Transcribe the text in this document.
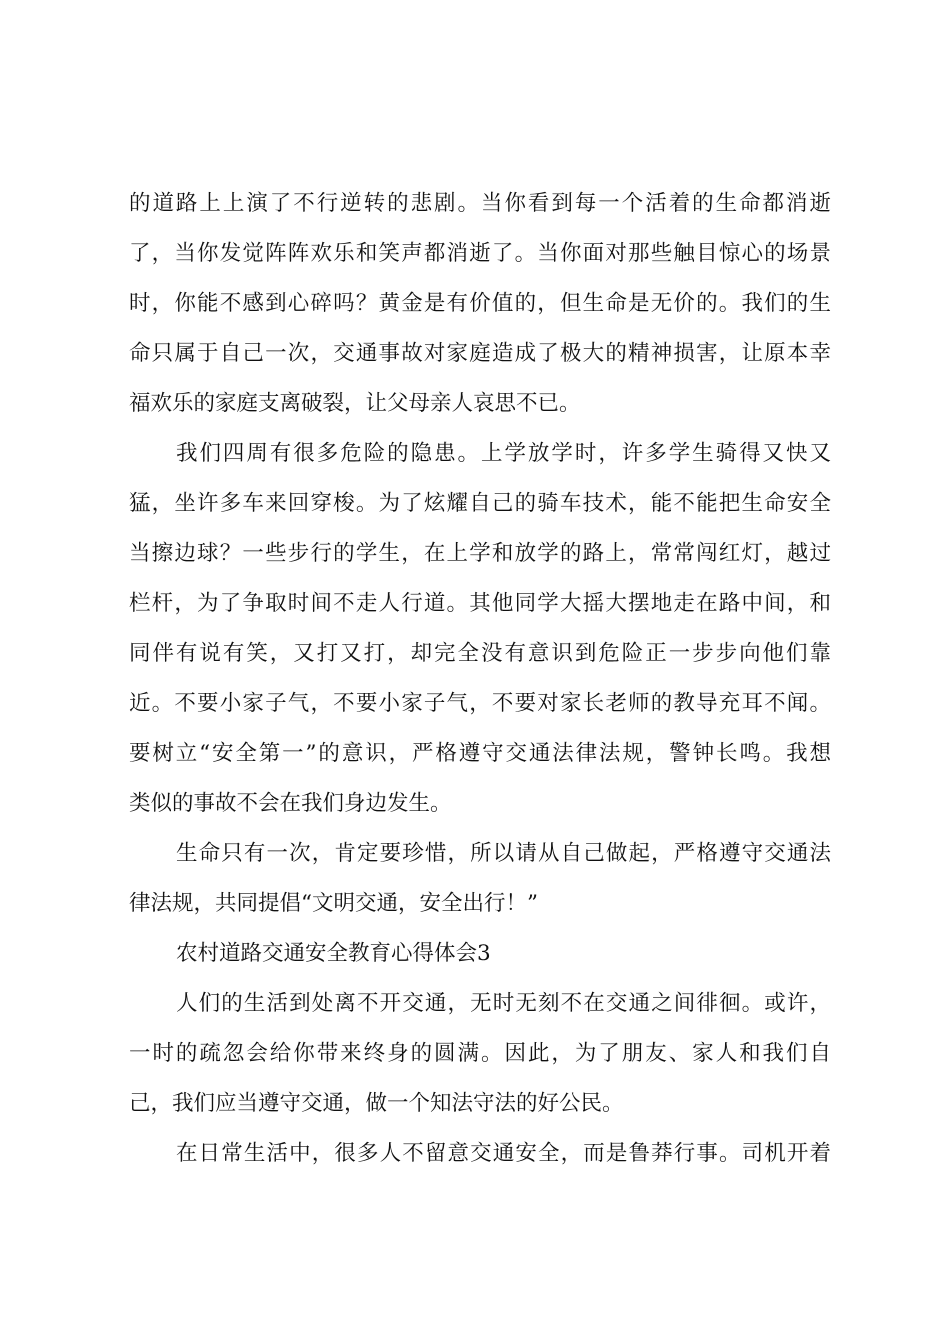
的道路上上演了不行逆转的悲剧。当你看到每一个活着的生命都消逝
了，当你发觉阵阵欢乐和笑声都消逝了。当你面对那些触目惊心的场景
时，你能不感到心碎吗？黄金是有价值的，但生命是无价的。我们的生
命只属于自己一次，交通事故对家庭造成了极大的精神损害，让原本幸
福欢乐的家庭支离破裂，让父母亲人哀思不已。
我们四周有很多危险的隐患。上学放学时，许多学生骑得又快又
猛，坐许多车来回穿梭。为了炫耀自己的骑车技术，能不能把生命安全
当擦边球？一些步行的学生，在上学和放学的路上，常常闯红灯，越过
栏杆，为了争取时间不走人行道。其他同学大摇大摆地走在路中间，和
同伴有说有笑，又打又打，却完全没有意识到危险正一步步向他们靠
近。不要小家子气，不要小家子气，不要对家长老师的教导充耳不闻。
要树立“安全第一”的意识，严格遵守交通法律法规，警钟长鸣。我想
类似的事故不会在我们身边发生。
生命只有一次，肯定要珍惜，所以请从自己做起，严格遵守交通法
律法规，共同提倡“文明交通，安全出行！”
农村道路交通安全教育心得体会3
人们的生活到处离不开交通，无时无刻不在交通之间徘徊。或许，
一时的疏忽会给你带来终身的圆满。因此，为了朋友、家人和我们自
己，我们应当遵守交通，做一个知法守法的好公民。
在日常生活中，很多人不留意交通安全，而是鲁莽行事。司机开着
